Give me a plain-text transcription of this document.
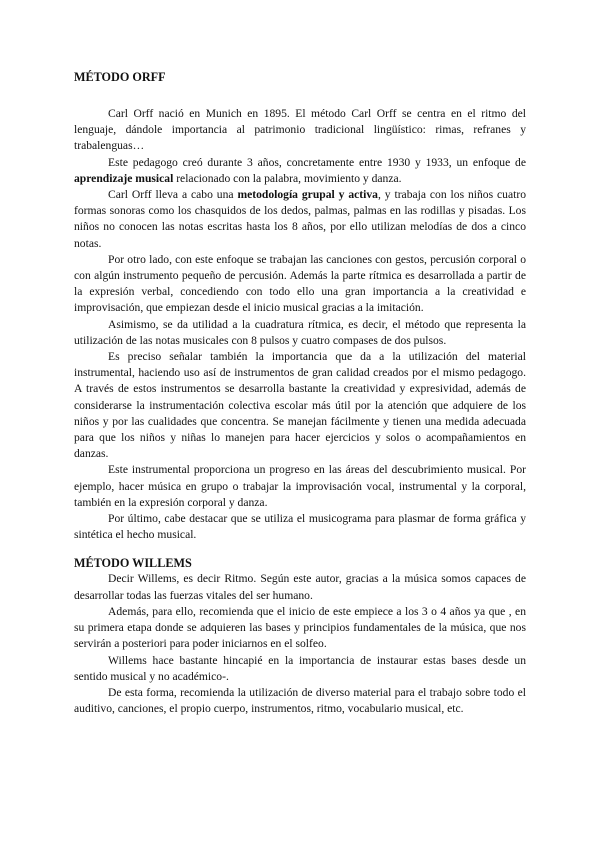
MÉTODO ORFF

Carl Orff nació en Munich en 1895. El método Carl Orff se centra en el ritmo del lenguaje, dándole importancia al patrimonio tradicional lingüístico: rimas, refranes y trabalenguas…

Este pedagogo creó durante 3 años, concretamente entre 1930 y 1933, un enfoque de aprendizaje musical relacionado con la palabra, movimiento y danza.

Carl Orff lleva a cabo una metodología grupal y activa, y trabaja con los niños cuatro formas sonoras como los chasquidos de los dedos, palmas, palmas en las rodillas y pisadas. Los niños no conocen las notas escritas hasta los 8 años, por ello utilizan melodías de dos a cinco notas.

Por otro lado, con este enfoque se trabajan las canciones con gestos, percusión corporal o con algún instrumento pequeño de percusión. Además la parte rítmica es desarrollada a partir de la expresión verbal, concediendo con todo ello una gran importancia a la creatividad e improvisación, que empiezan desde el inicio musical gracias a la imitación.

Asimismo, se da utilidad a la cuadratura rítmica, es decir, el método que representa la utilización de las notas musicales con 8 pulsos y cuatro compases de dos pulsos.

Es preciso señalar también la importancia que da a la utilización del material instrumental, haciendo uso así de instrumentos de gran calidad creados por el mismo pedagogo. A través de estos instrumentos se desarrolla bastante la creatividad y expresividad, además de considerarse la instrumentación colectiva escolar más útil por la atención que adquiere de los niños y por las cualidades que concentra. Se manejan fácilmente y tienen una medida adecuada para que los niños y niñas lo manejen para hacer ejercicios y solos o acompañamientos en danzas.

Este instrumental proporciona un progreso en las áreas del descubrimiento musical. Por ejemplo, hacer música en grupo o trabajar la improvisación vocal, instrumental y la corporal, también en la expresión corporal y danza.

Por último, cabe destacar que se utiliza el musicograma para plasmar de forma gráfica y sintética el hecho musical.

MÉTODO WILLEMS

Decir Willems, es decir Ritmo. Según este autor, gracias a la música somos capaces de desarrollar todas las fuerzas vitales del ser humano.

Además, para ello, recomienda que el inicio de este empiece a los 3 o 4 años ya que , en su primera etapa donde se adquieren las bases y principios fundamentales de la música, que nos servirán a posteriori para poder iniciarnos en el solfeo.

Willems hace bastante hincapié en la importancia de instaurar estas bases desde un sentido musical y no académico-.

De esta forma, recomienda la utilización de diverso material para el trabajo sobre todo el auditivo, canciones, el propio cuerpo, instrumentos, ritmo, vocabulario musical, etc.
